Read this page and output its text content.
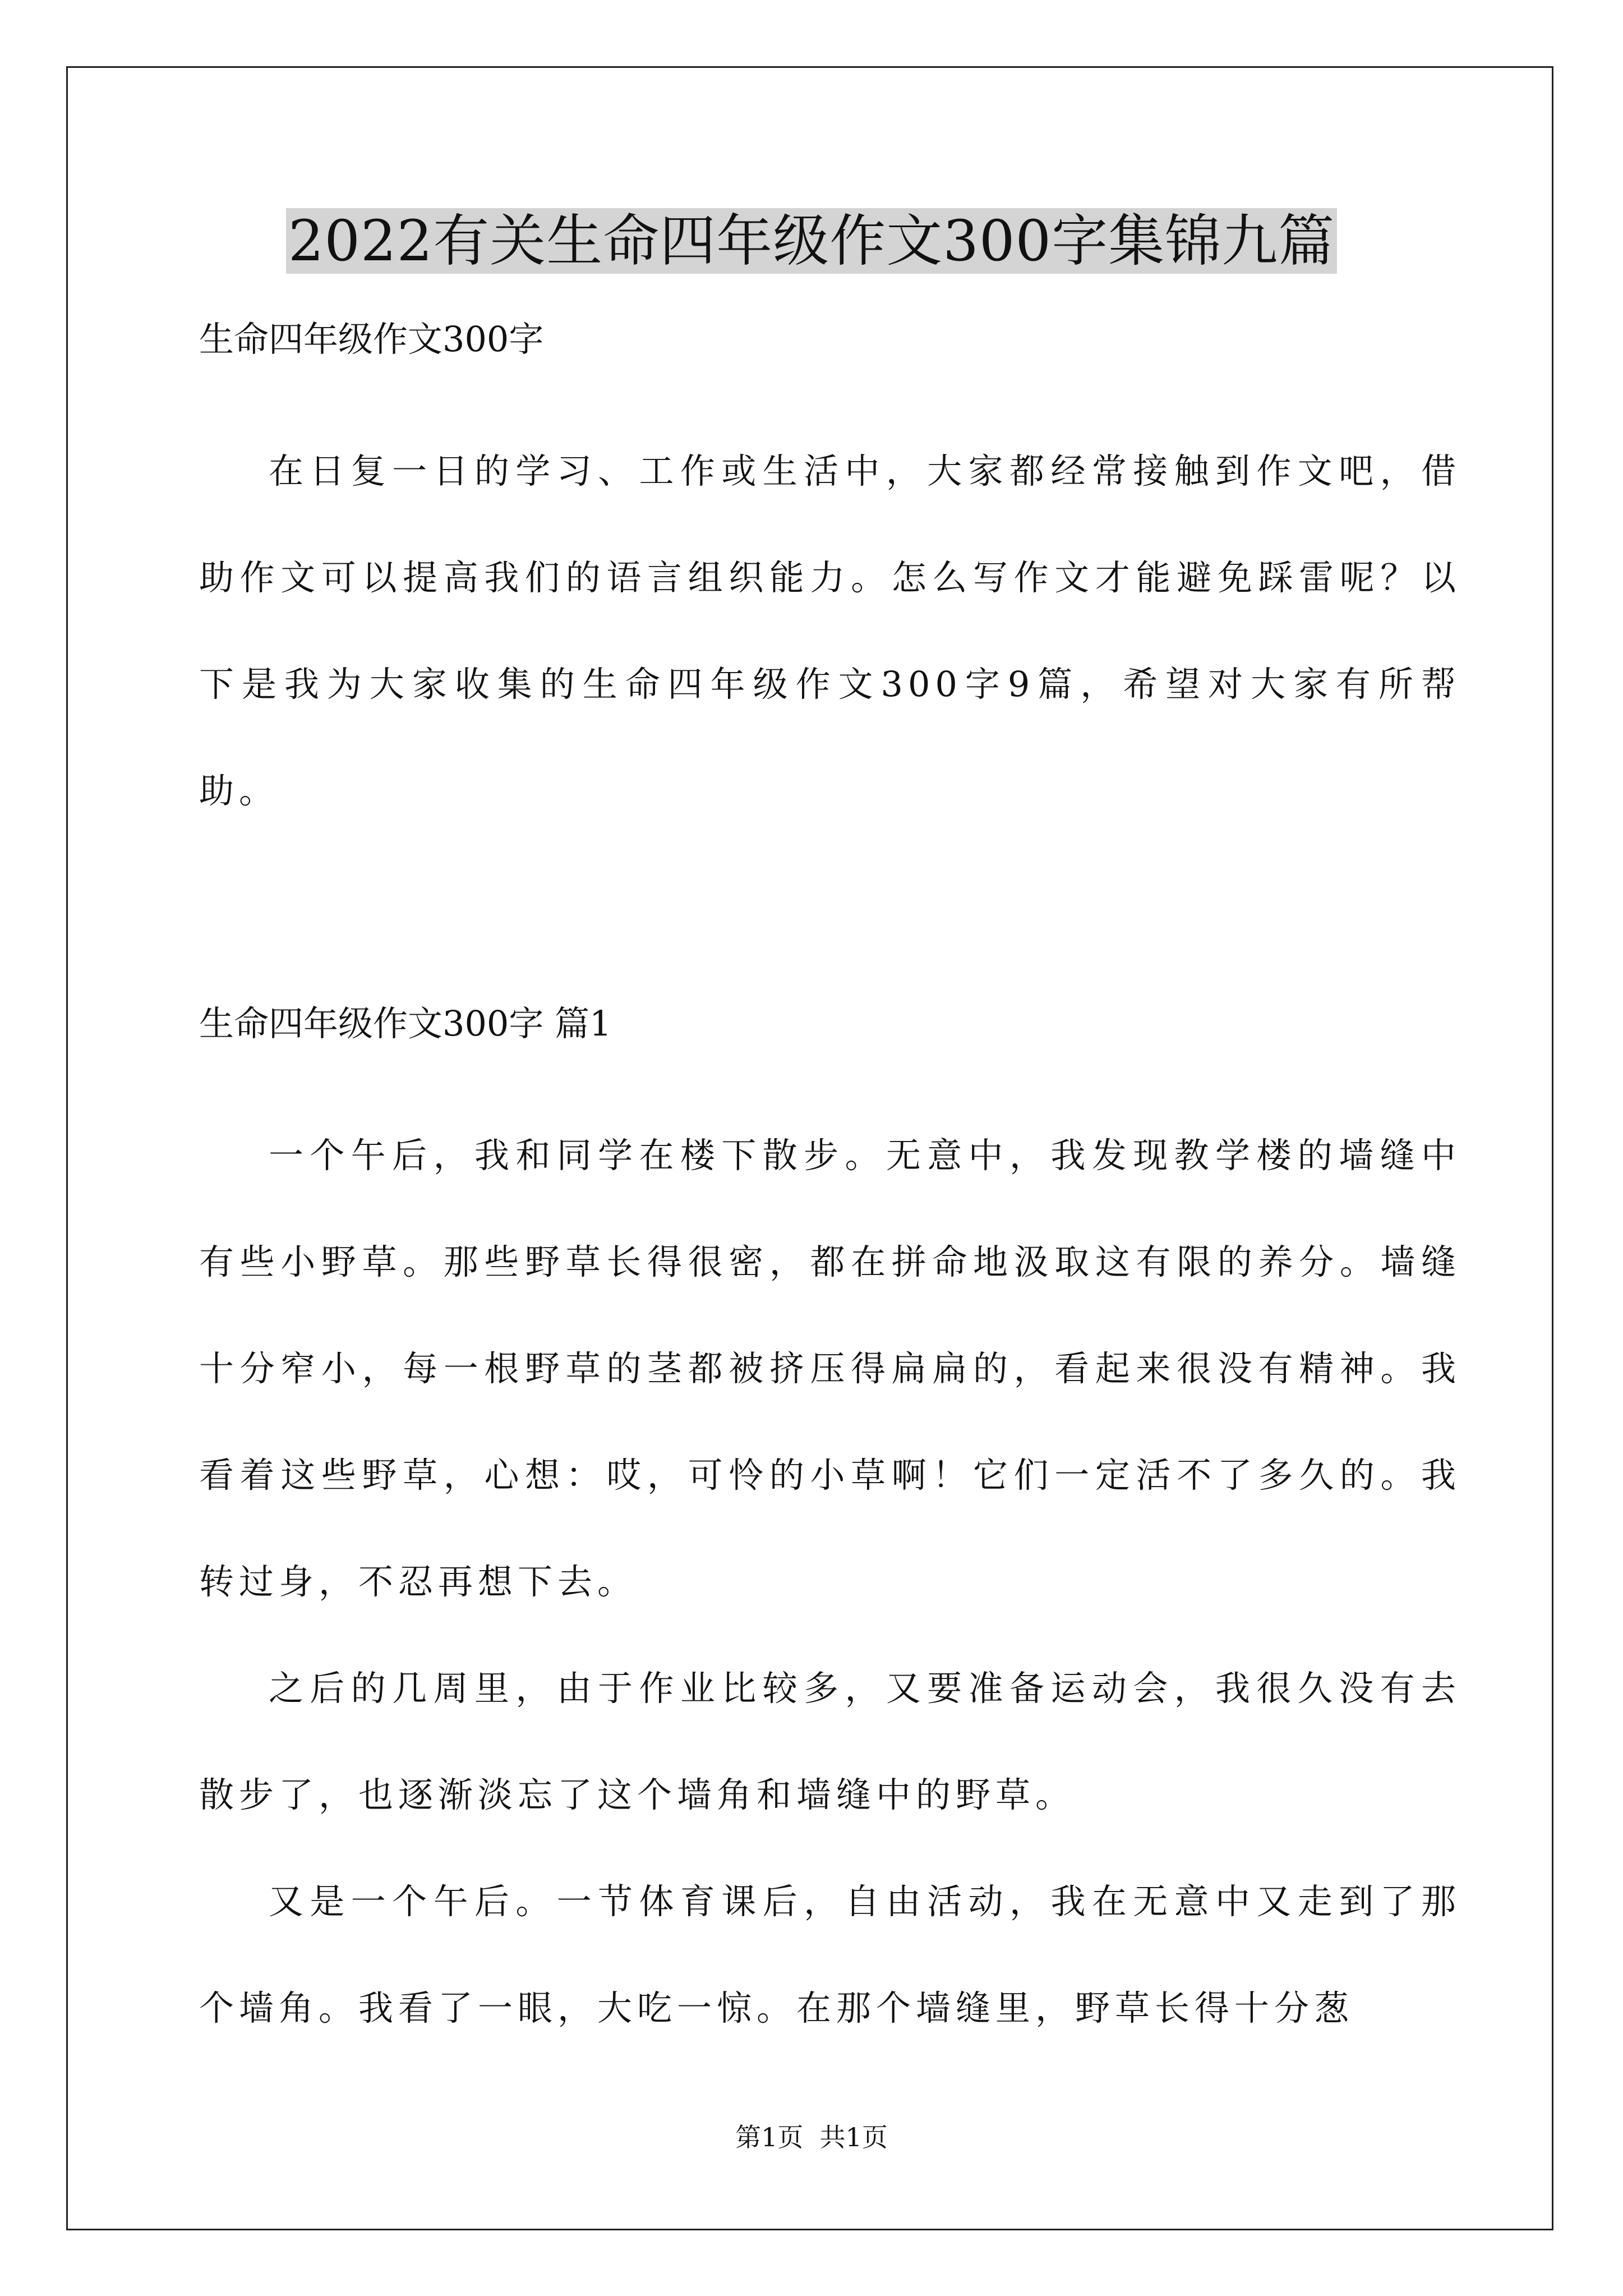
2022有关生命四年级作文300字集锦九篇

生命四年级作文300字

在日复一日的学习、工作或生活中，大家都经常接触到作文吧，借助作文可以提高我们的语言组织能力。怎么写作文才能避免踩雷呢？以下是我为大家收集的生命四年级作文300字9篇，希望对大家有所帮助。

生命四年级作文300字 篇1

一个午后，我和同学在楼下散步。无意中，我发现教学楼的墙缝中有些小野草。那些野草长得很密，都在拼命地汲取这有限的养分。墙缝十分窄小，每一根野草的茎都被挤压得扁扁的，看起来很没有精神。我看着这些野草，心想：哎，可怜的小草啊！它们一定活不了多久的。我转过身，不忍再想下去。

之后的几周里，由于作业比较多，又要准备运动会，我很久没有去散步了，也逐渐淡忘了这个墙角和墙缝中的野草。

又是一个午后。一节体育课后，自由活动，我在无意中又走到了那个墙角。我看了一眼，大吃一惊。在那个墙缝里，野草长得十分葱

第1页  共1页
